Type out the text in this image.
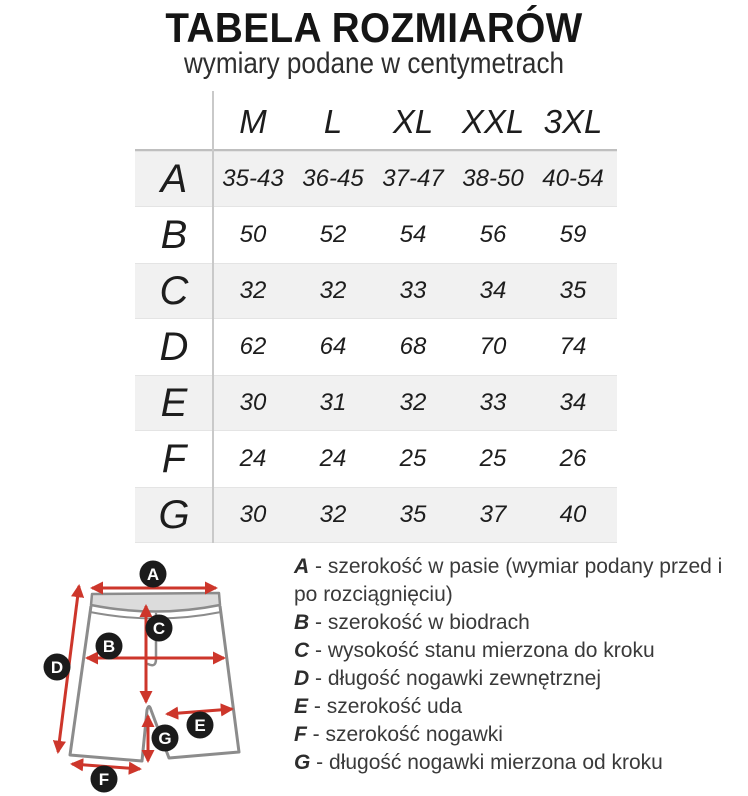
TABELA ROZMIARÓW
wymiary podane w centymetrach
M	L	XL XXL 3XL
A	35-43 36-45 37-47 38-50 40-54
B	50	52	54	56	59
C	32	32	33	34	35
D	62	64	68	70	74
E	30	31	32	33	34
F	24	24	25	25	26
G	30	32	35	37	40
A
B
C
D
E
F
G
A - szerokość w pasie (wymiar podany przed i po rozciągnięciu)
B - szerokość w biodrach
C - wysokość stanu mierzona do kroku
D - długość nogawki zewnętrznej
E - szerokość uda
F - szerokość nogawki
G - długość nogawki mierzona od kroku
